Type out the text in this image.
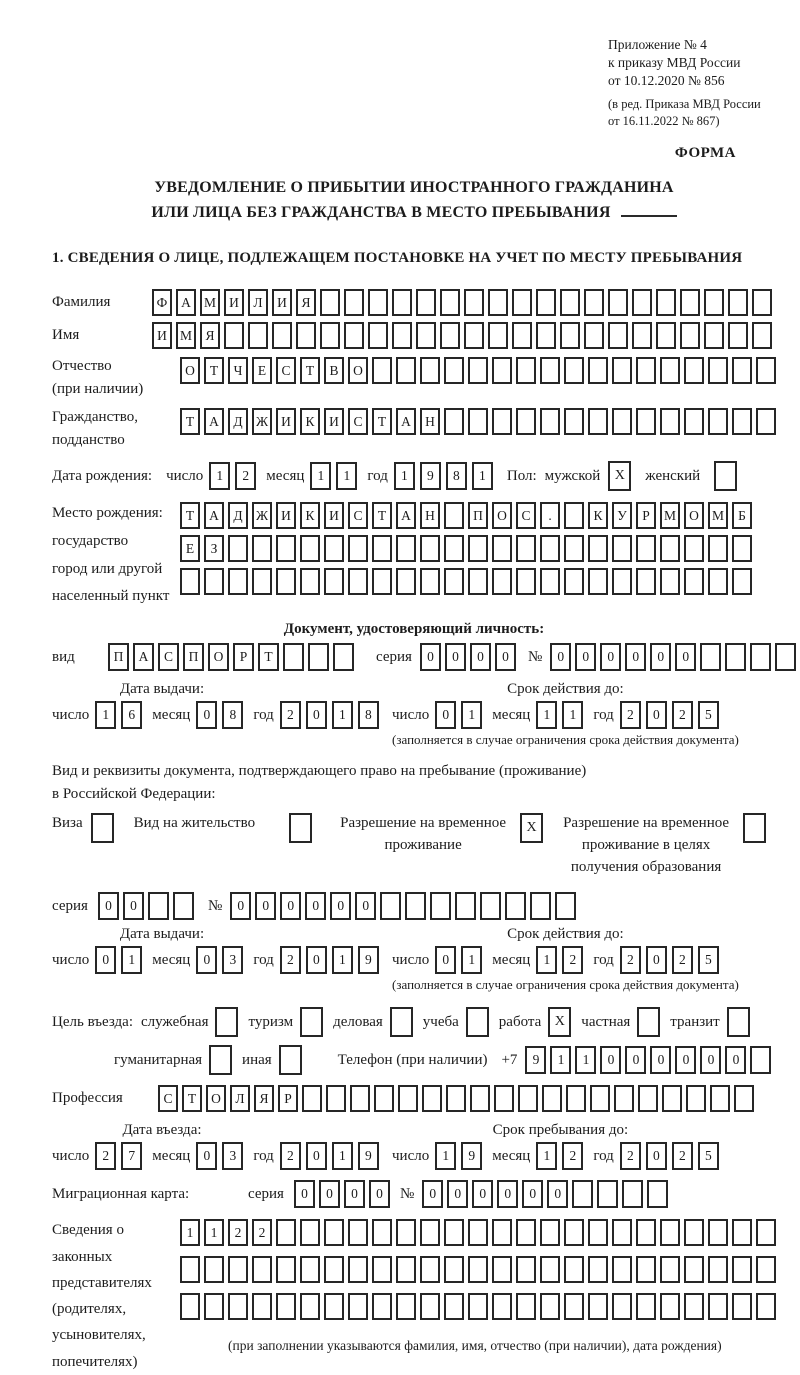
Приложение № 4
к приказу МВД России
от 10.12.2020 № 856
(в ред. Приказа МВД России
от 16.11.2022 № 867)
ФОРМА
УВЕДОМЛЕНИЕ О ПРИБЫТИИ ИНОСТРАННОГО ГРАЖДАНИНА
ИЛИ ЛИЦА БЕЗ ГРАЖДАНСТВА В МЕСТО ПРЕБЫВАНИЯ
1. СВЕДЕНИЯ О ЛИЦЕ, ПОДЛЕЖАЩЕМ ПОСТАНОВКЕ НА УЧЕТ ПО МЕСТУ ПРЕБЫВАНИЯ
Фамилия	Ф	А М И	Л	И	Я
Имя	И М Я
Отчество
(при наличии)
О	Т	Ч	Е	С	Т	В	О
Гражданство,
подданство
Т	А	Д Ж И	К	И	С	Т	А	Н
Дата рождения: число 1	2	месяц 1	1	год 1	9	8	1	Пол: мужской	X	женский
Место рождения:
государство
город или другой
населенный пункт
Т	А	Д Ж И	К	И	С	Т	А	Н	П	О	С	.	К	У	Р	М О М	Б
Е	З
Документ, удостоверяющий личность:
вид	П	А	С	П	О	Р	Т	серия	0	0	0	0	№	0	0	0	0	0	0
Дата выдачи:
число 1	6	месяц 0	8	год 2	0	1	8
Срок действия до:
число 0	1	месяц 1	1	год 2	0	2	5
(заполняется в случае ограничения срока действия документа)
Вид и реквизиты документа, подтверждающего право на пребывание (проживание)
в Российской Федерации:
Виза	Вид на жительство	Разрешение на временное
проживание
X	Разрешение на временное
проживание в целях
получения образования
серия	0	0	№	0	0	0	0	0	0
Дата выдачи:
число 0	1	месяц 0	3	год 2	0	1	9
Срок действия до:
число 0	1	месяц 1	2	год 2	0	2	5
(заполняется в случае ограничения срока действия документа)
Цель въезда: служебная	туризм	деловая	учеба	работа X	частная	транзит
гуманитарная	иная	Телефон (при наличии) +7	9	1	1	0	0	0	0	0	0
Профессия	С	Т	О	Л	Я	Р
Дата въезда:
число 2	7	месяц 0	3	год 2	0	1	9
Срок пребывания до:
число 1	9	месяц 1	2	год 2	0	2	5
Миграционная карта:	серия	0	0	0	0	№	0	0	0	0	0	0
Сведения о
законных
представителях
(родителях,
усыновителях,
попечителях)
1	1	2	2
(при заполнении указываются фамилия, имя, отчество (при наличии), дата рождения)
